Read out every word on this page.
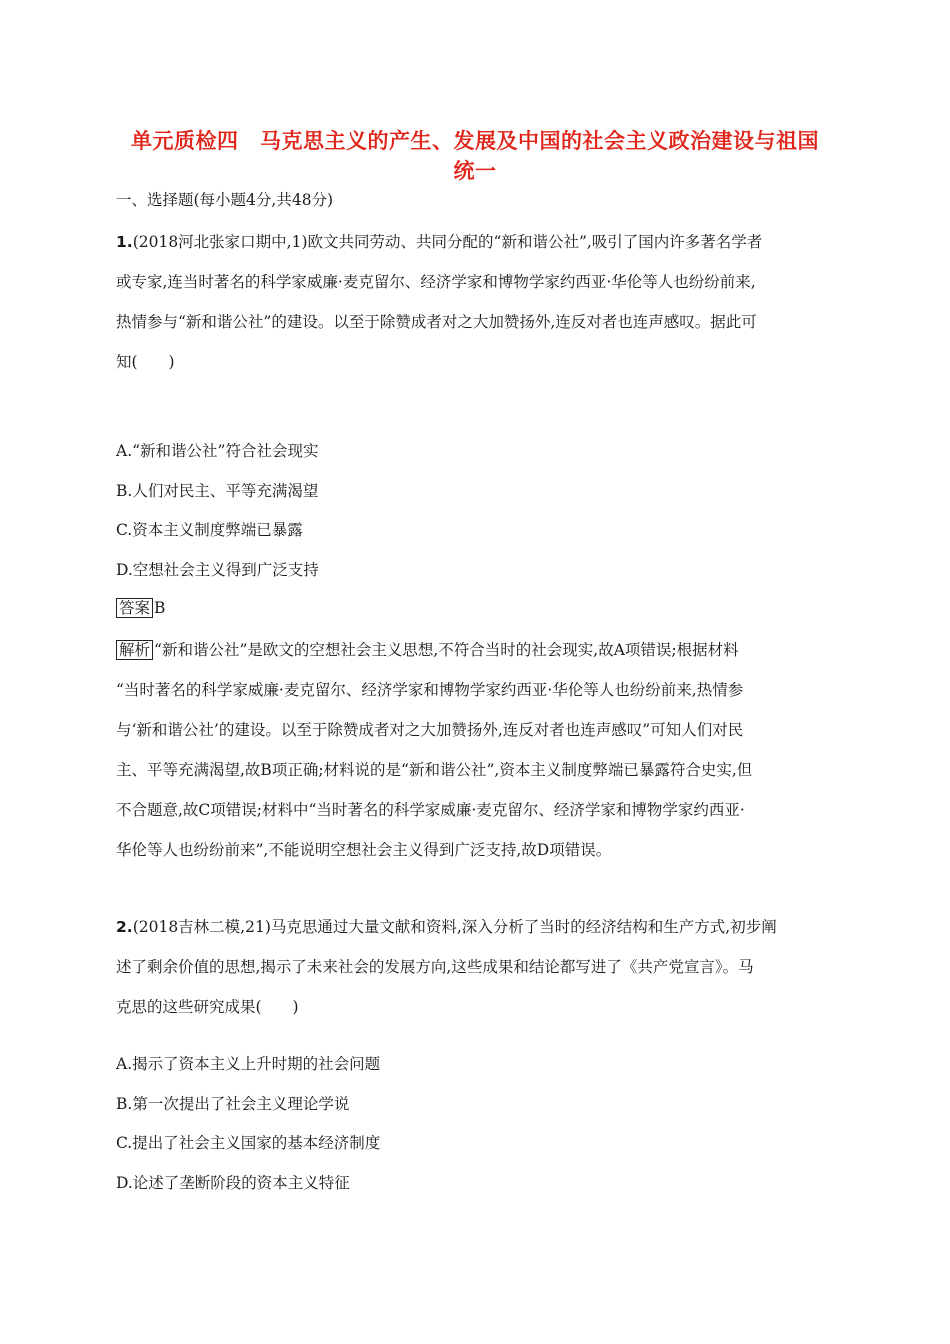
单元质检四　马克思主义的产生、发展及中国的社会主义政治建设与祖国
统一
一、选择题(每小题4分,共48分)
1.(2018河北张家口期中,1)欧文共同劳动、共同分配的“新和谐公社”,吸引了国内许多著名学者
或专家,连当时著名的科学家威廉·麦克留尔、经济学家和博物学家约西亚·华伦等人也纷纷前来,
热情参与“新和谐公社”的建设。以至于除赞成者对之大加赞扬外,连反对者也连声感叹。据此可
知(　　)
A.“新和谐公社”符合社会现实
B.人们对民主、平等充满渴望
C.资本主义制度弊端已暴露
D.空想社会主义得到广泛支持
答案 B
解析 “新和谐公社”是欧文的空想社会主义思想,不符合当时的社会现实,故A项错误;根据材料
“当时著名的科学家威廉·麦克留尔、经济学家和博物学家约西亚·华伦等人也纷纷前来,热情参
与‘新和谐公社’的建设。以至于除赞成者对之大加赞扬外,连反对者也连声感叹”可知人们对民
主、平等充满渴望,故B项正确;材料说的是“新和谐公社”,资本主义制度弊端已暴露符合史实,但
不合题意,故C项错误;材料中“当时著名的科学家威廉·麦克留尔、经济学家和博物学家约西亚·
华伦等人也纷纷前来”,不能说明空想社会主义得到广泛支持,故D项错误。
2.(2018吉林二模,21)马克思通过大量文献和资料,深入分析了当时的经济结构和生产方式,初步阐
述了剩余价值的思想,揭示了未来社会的发展方向,这些成果和结论都写进了《共产党宣言》。马
克思的这些研究成果(　　)
A.揭示了资本主义上升时期的社会问题
B.第一次提出了社会主义理论学说
C.提出了社会主义国家的基本经济制度
D.论述了垄断阶段的资本主义特征
